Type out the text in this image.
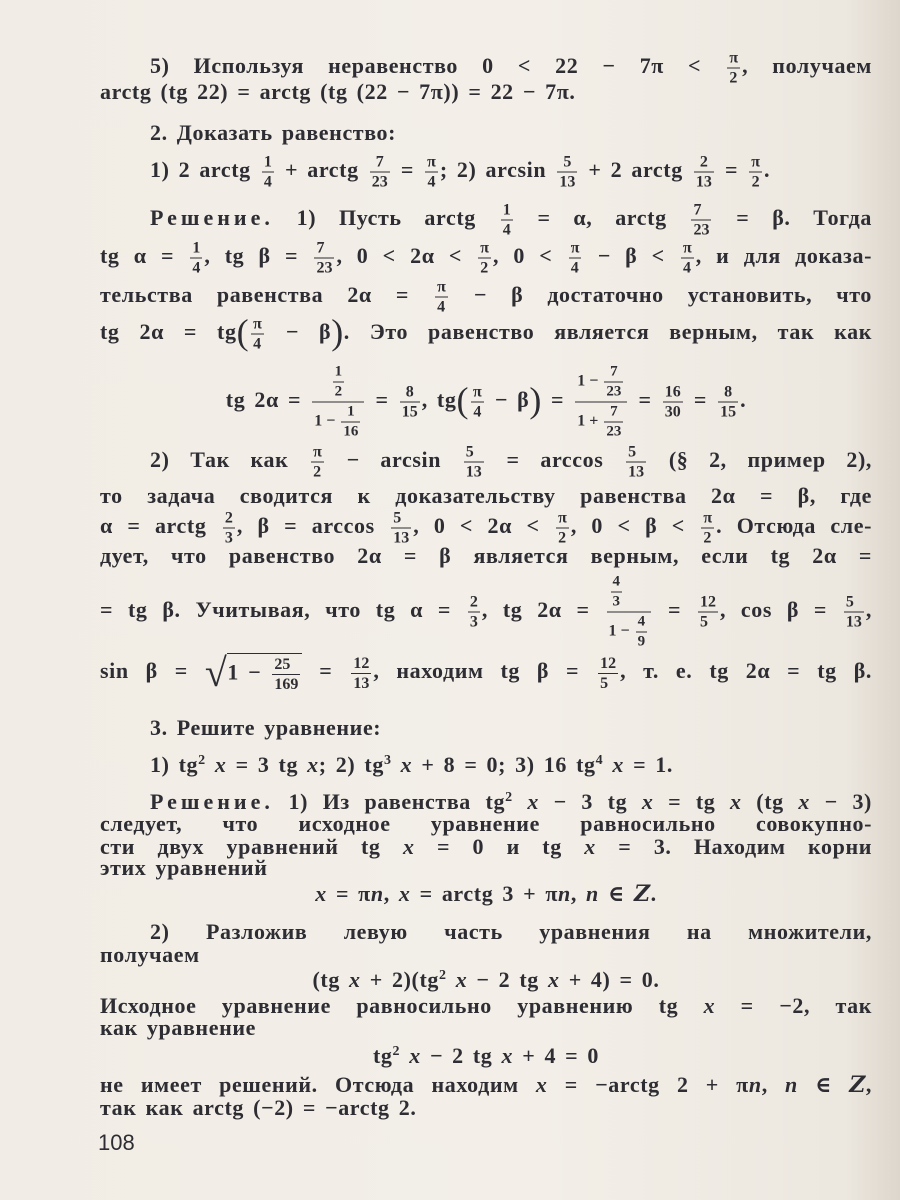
5) Используя неравенство $0 < 22 - 7\pi < \frac{\pi}{2}$ , получаем
arctg (tg 22) = arctg (tg (22 − 7π)) = 22 − 7π.
2. Доказать равенство:
1) 2 arctg $\frac{1}{4}$ + arctg $\frac{7}{23} = \frac{\pi}{4}$ ; 2) $\arcsin \frac{5}{13} + 2$ arctg $\frac{2}{13} = \frac{\pi}{2}$ .
Решение. 1) Пусть arctg $\frac{1}{4} = \alpha$, arctg $\frac{7}{23} = \beta$. Тогда
tg $\alpha = \frac{1}{4}$ , tg $\beta = \frac{7}{23}$ , $0 < 2\alpha < \frac{\pi}{2}$ , $0 < \frac{\pi}{4} - \beta < \frac{\pi}{4}$ , и для доказа-
тельства равенства $2\alpha = \frac{\pi}{4} - \beta$ достаточно установить, что
tg $2\alpha = tg( \frac{\pi}{4} - \beta)$. Это равенство является верным, так как
tg $2\alpha = \frac{\frac{1}{2}}{1 - \frac{1}{16}} = \frac{8}{15}$ , $tg( \frac{\pi}{4} - \beta) = \frac{1 - \frac{7}{23}}{1 + \frac{7}{23}} = \frac{16}{30} = \frac{8}{15}$ .
2) Так как $\frac{\pi}{2} - \arcsin \frac{5}{13} = \arccos \frac{5}{13}$ (§ 2, пример 2),
то задача сводится к доказательству равенства 2α = β, где
α = arctg $\frac{2}{3}$ , $\beta = \arccos \frac{5}{13}$ , $0 < 2\alpha < \frac{\pi}{2}$ , $0 < \beta < \frac{\pi}{2}$ . Отсюда сле-
дует, что равенство 2α = β является верным, если tg 2α =
= tg β. Учитывая, что tg $\alpha = \frac{2}{3}$ , tg $2\alpha = \frac{\frac{4}{3}}{1 - \frac{4}{9}} = \frac{12}{5}$ , $\cos \beta = \frac{5}{13}$ ,
$\sin \beta = √1 - \frac{25}{169} = \frac{12}{13}$ , находим tg $\beta = \frac{12}{5}$ , т. е. tg 2α = tg β.
3. Решите уравнение:
1) $tg^2$ x = 3 tg x; 2) $tg^3$ x + 8 = 0; 3) 16 $tg^4$ x = 1.
Решение. 1) Из равенства $tg^2$ x − 3 tg x = tg x (tg x − 3)
следует, что исходное уравнение равносильно совокупно-
сти двух уравнений tg x = 0 и tg x = 3. Находим корни
этих уравнений
x = πn, x = arctg 3 + πn, n ∈ Z.
2) Разложив левую часть уравнения на множители,
получаем
(tg $x + 2)(tg^2$ x − 2 tg x + 4) = 0.
Исходное уравнение равносильно уравнению tg x = −2, так
как уравнение
$tg^2$ x − 2 tg x + 4 = 0
не имеет решений. Отсюда находим x = −arctg 2 + πn, n ∈ Z,
так как arctg (−2) = −arctg 2.
108
